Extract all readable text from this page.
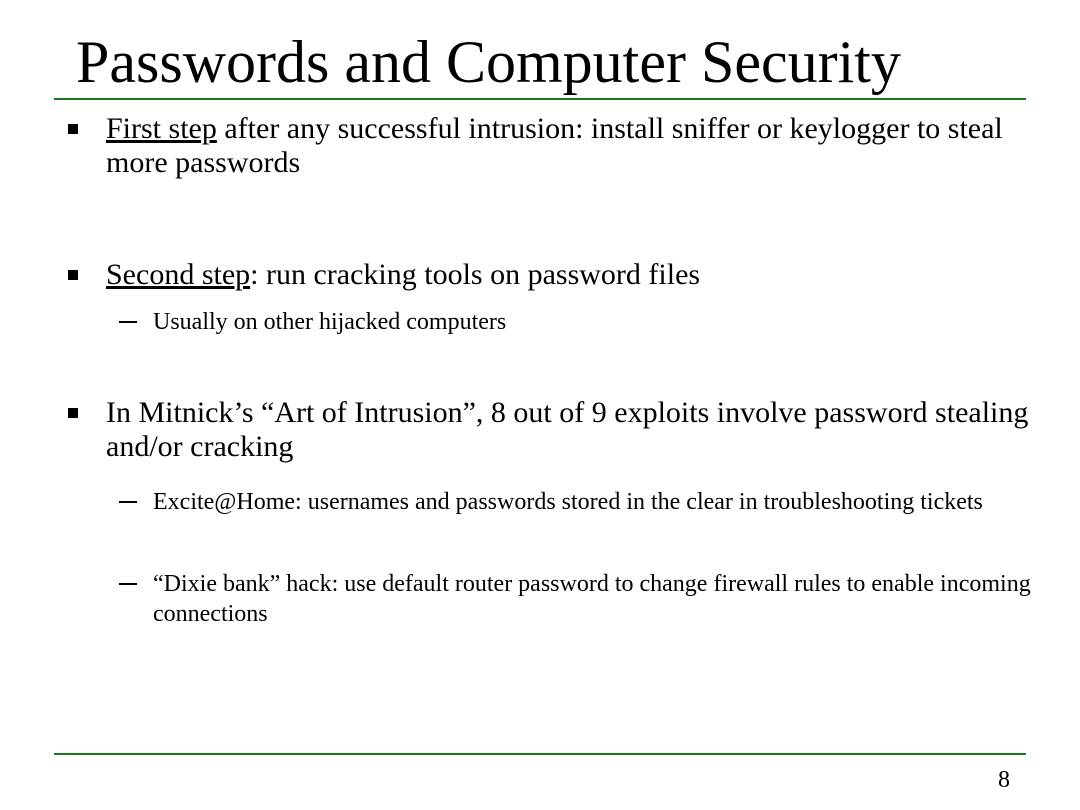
Passwords and Computer Security
First step after any successful intrusion: install sniffer or keylogger to steal more passwords
Second step: run cracking tools on password files
Usually on other hijacked computers
In Mitnick’s “Art of Intrusion”, 8 out of 9 exploits involve password stealing and/or cracking
Excite@Home: usernames and passwords stored in the clear in troubleshooting tickets
“Dixie bank” hack: use default router password to change firewall rules to enable incoming connections
8
